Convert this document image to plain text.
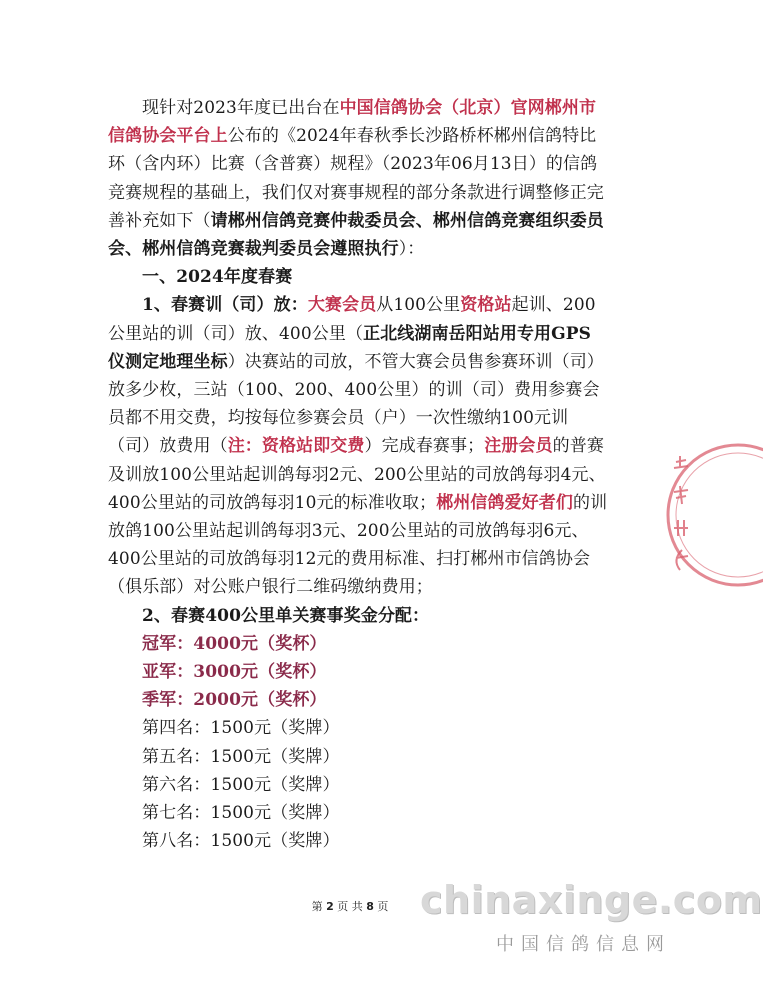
现针对2023年度已出台在中国信鸽协会（北京）官网郴州市信鸽协会平台上公布的《2024年春秋季长沙路桥杯郴州信鸽特比环（含内环）比赛（含普赛）规程》（2023年06月13日）的信鸽竞赛规程的基础上，我们仅对赛事规程的部分条款进行调整修正完善补充如下（请郴州信鸽竞赛仲裁委员会、郴州信鸽竞赛组织委员会、郴州信鸽竞赛裁判委员会遵照执行）：

一、2024年度春赛

1、春赛训（司）放：大赛会员从100公里资格站起训、200公里站的训（司）放、400公里（正北线湖南岳阳站用专用GPS仪测定地理坐标）决赛站的司放，不管大赛会员售参赛环训（司）放多少枚，三站（100、200、400公里）的训（司）费用参赛会员都不用交费，均按每位参赛会员（户）一次性缴纳100元训（司）放费用（注：资格站即交费）完成春赛事；注册会员的普赛及训放100公里站起训鸽每羽2元、200公里站的司放鸽每羽4元、400公里站的司放鸽每羽10元的标准收取；郴州信鸽爱好者们的训放鸽100公里站起训鸽每羽3元、200公里站的司放鸽每羽6元、400公里站的司放鸽每羽12元的费用标准、扫打郴州市信鸽协会（俱乐部）对公账户银行二维码缴纳费用；

2、春赛400公里单关赛事奖金分配：

冠军：4000元（奖杯）
亚军：3000元（奖杯）
季军：2000元（奖杯）
第四名：1500元（奖牌）
第五名：1500元（奖牌）
第六名：1500元（奖牌）
第七名：1500元（奖牌）
第八名：1500元（奖牌）
第 2 页 共 8 页 chinaxinge.com
中国信鸽信息网
